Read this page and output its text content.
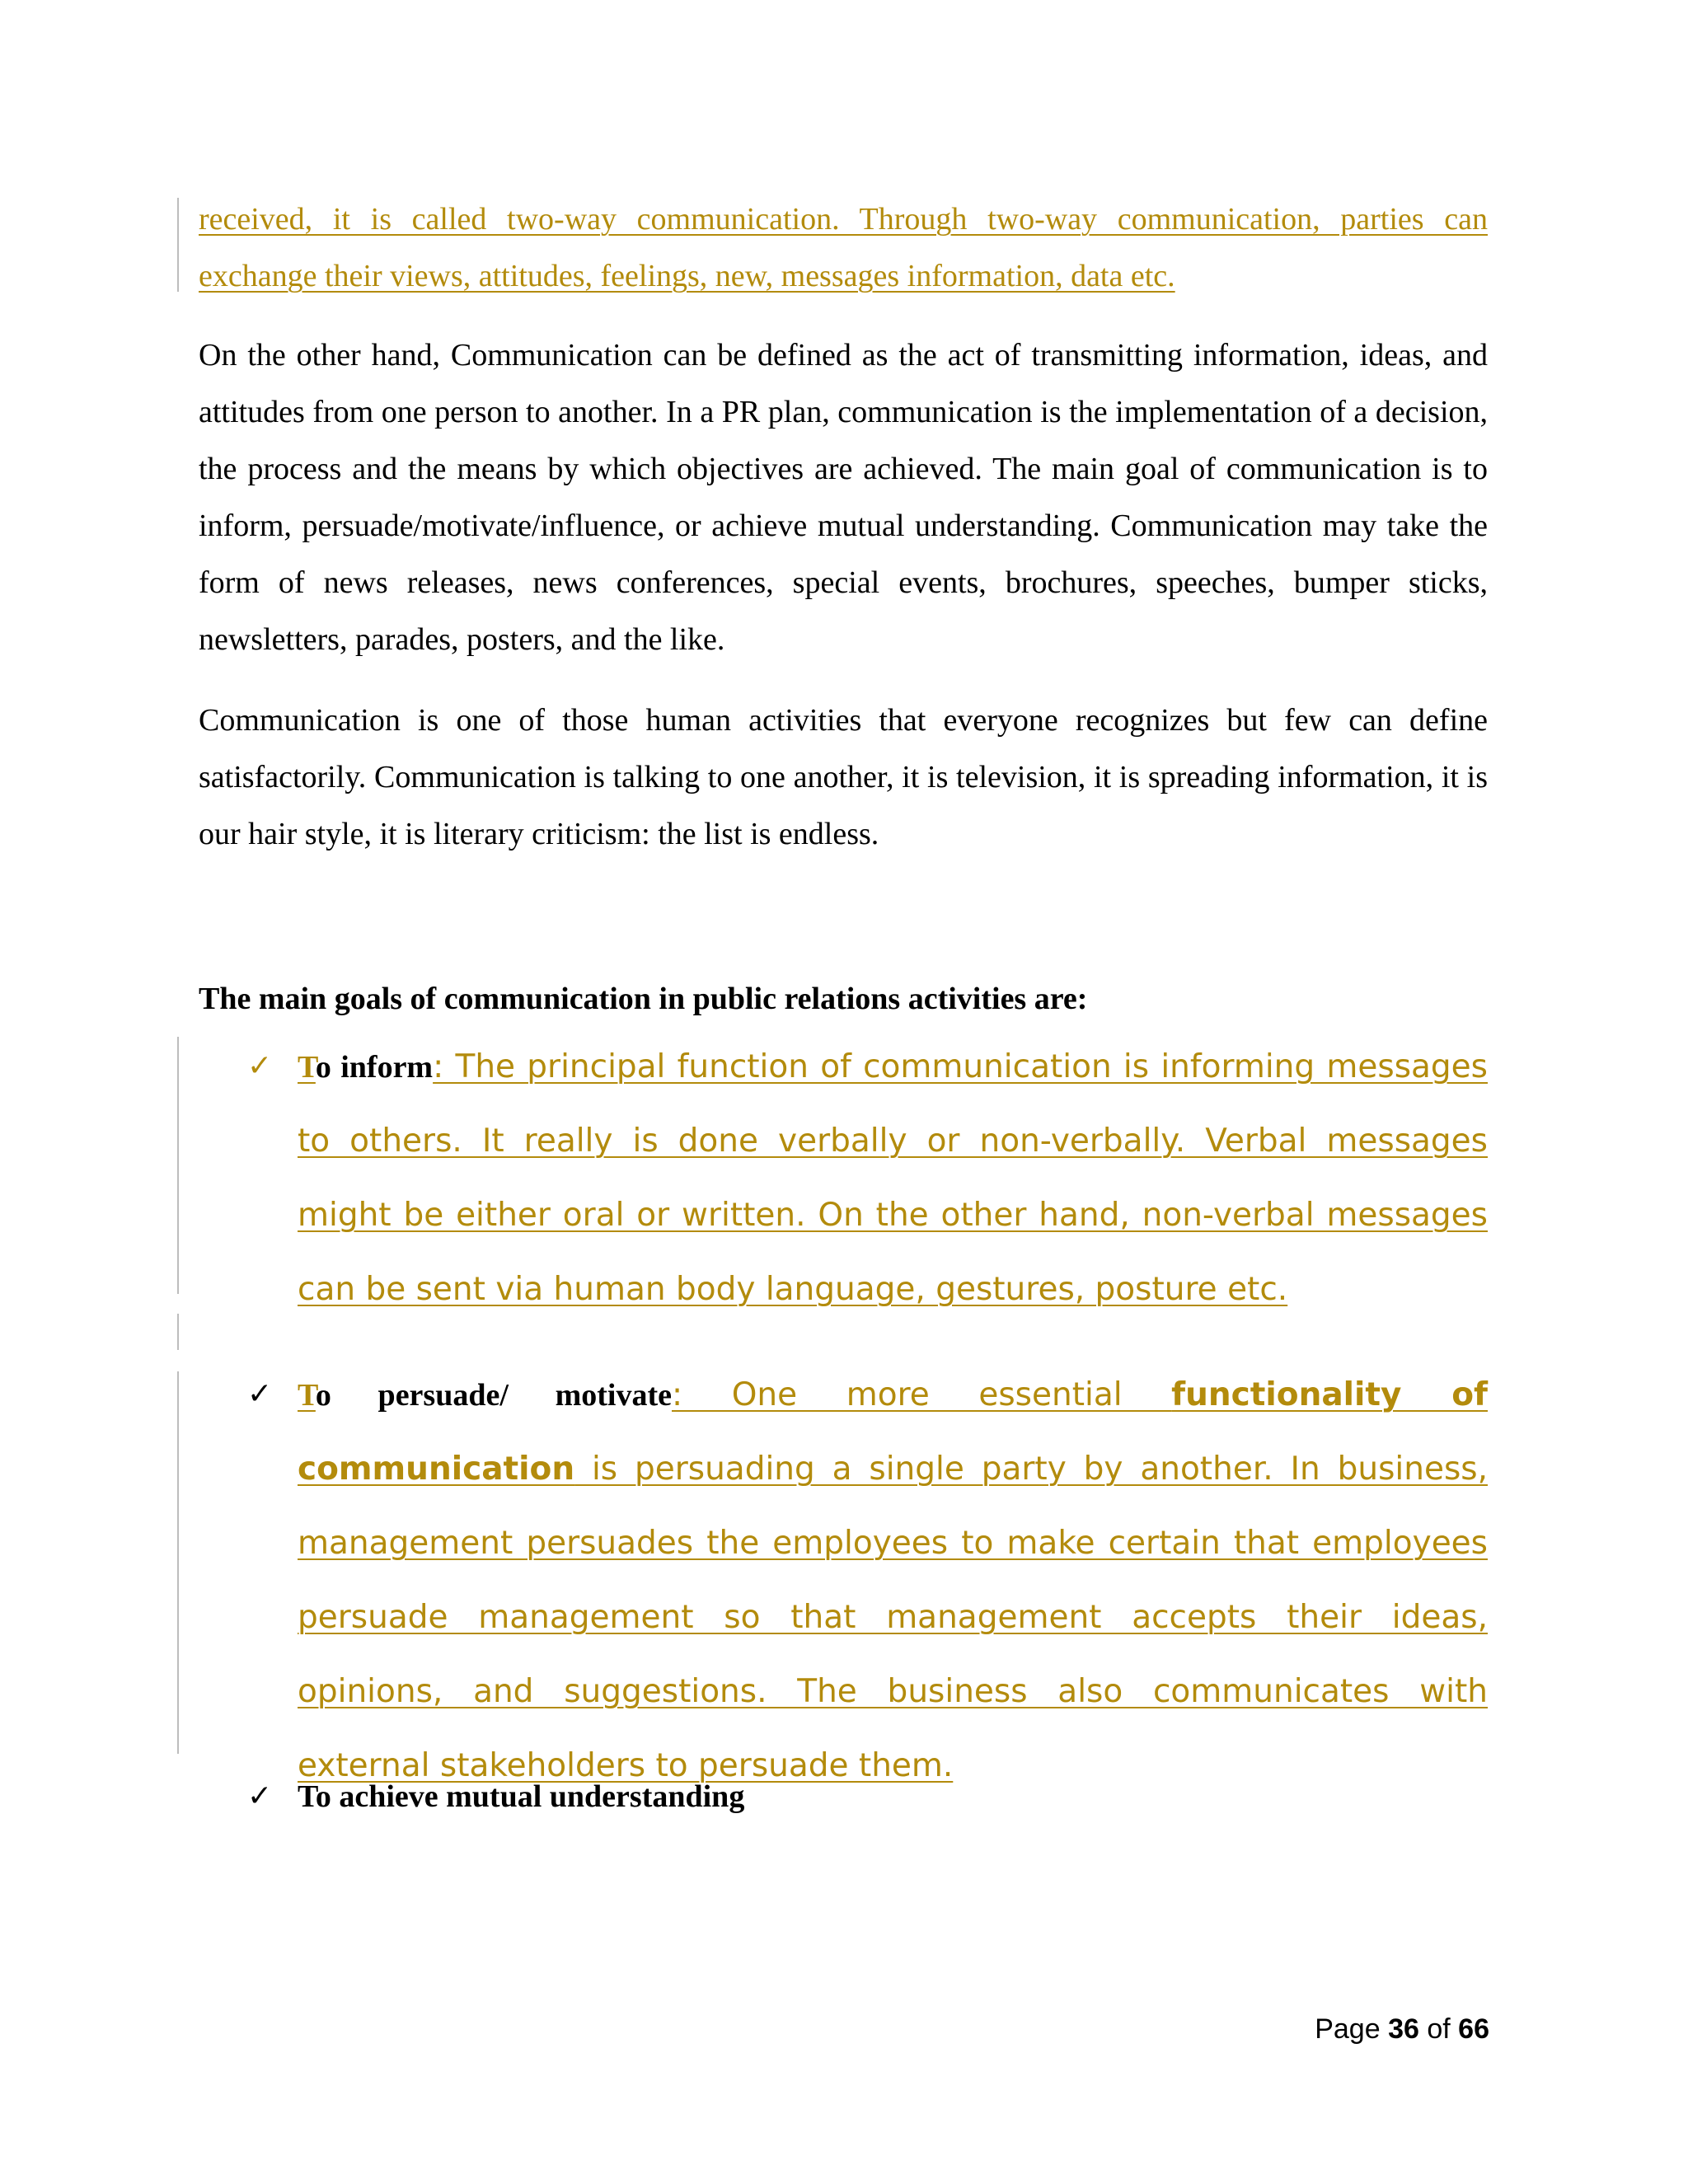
received, it is called two-way communication. Through two-way communication, parties can exchange their views, attitudes, feelings, new, messages information, data etc.

On the other hand, Communication can be defined as the act of transmitting information, ideas, and attitudes from one person to another. In a PR plan, communication is the implementation of a decision, the process and the means by which objectives are achieved. The main goal of communication is to inform, persuade/motivate/influence, or achieve mutual understanding. Communication may take the form of news releases, news conferences, special events, brochures, speeches, bumper sticks, newsletters, parades, posters, and the like.

Communication is one of those human activities that everyone recognizes but few can define satisfactorily. Communication is talking to one another, it is television, it is spreading information, it is our hair style, it is literary criticism: the list is endless.

The main goals of communication in public relations activities are:
✓ To inform: The principal function of communication is informing messages to others. It really is done verbally or non-verbally. Verbal messages might be either oral or written. On the other hand, non-verbal messages can be sent via human body language, gestures, posture etc.
✓ To persuade/ motivate: One more essential functionality of communication is persuading a single party by another. In business, management persuades the employees to make certain that employees persuade management so that management accepts their ideas, opinions, and suggestions. The business also communicates with external stakeholders to persuade them.
✓ To achieve mutual understanding
Page 36 of 66
